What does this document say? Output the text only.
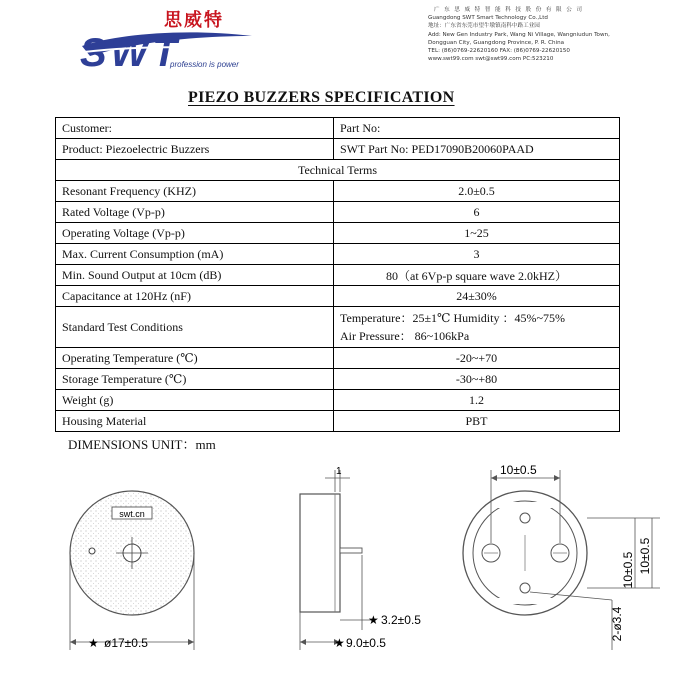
SWT
思威特
profession is power
广 东 思 威 特 智 能 科 技 股 份 有 限 公 司
Guangdong SWT Smart Technology Co.,Ltd
地址：广东省东莞市望牛墩镇南科中路工业园
Add: New Gen Industry Park, Wang Ni Village, Wangniudun Town,
Dongguan City, Guangdong Province, P. R. China
TEL: (86)0769-22620160 FAX: (86)0769-22620150
www.swt99.com swt@swt99.com PC:523210
PIEZO BUZZERS SPECIFICATION
Customer:	Part No:
Product: Piezoelectric Buzzers	SWT Part No: PED17090B20060PAAD
Technical Terms	
Resonant Frequency (KHZ)	2.0±0.5
Rated Voltage (Vp-p)	6
Operating Voltage (Vp-p)	1~25
Max. Current Consumption (mA)	3
Min. Sound Output at 10cm (dB)	80（at 6Vp-p square wave 2.0kHZ）
Capacitance at 120Hz (nF)	24±30%
Standard Test Conditions	Temperature：25±1℃ Humidity ：45%~75%
Air Pressure： 86~106kPa

Operating Temperature (℃)	-20~+70
Storage Temperature (℃)	-30~+80
Weight (g)	1.2
Housing Material	PBT
DIMENSIONS UNIT：mm
swt.cn
★ ø17±0.5
1
★ 3.2±0.5
★ 9.0±0.5
10±0.5
10±0.5
10±0.5
2-ø3.4
